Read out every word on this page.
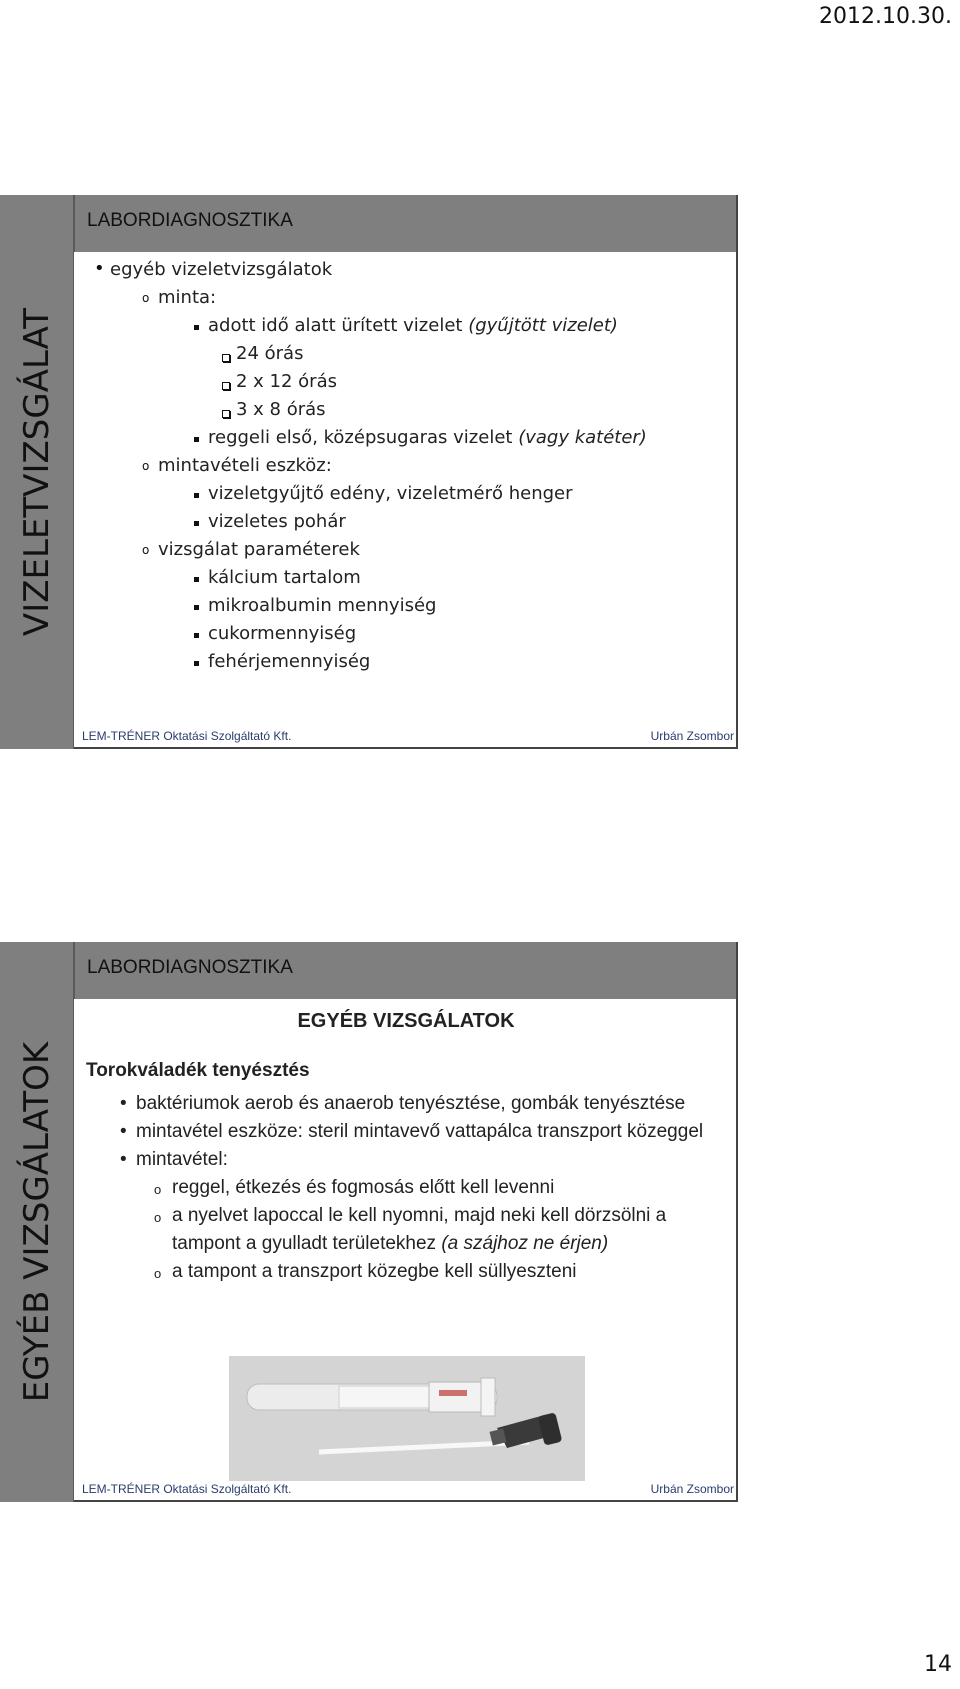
2012.10.30.
VIZELETVIZSGÁLAT
LABORDIAGNOSZTIKA
• egyéb vizeletvizsgálatok
o minta:
adott idő alatt ürített vizelet (gyűjtött vizelet)
24 órás
2 x 12 órás
3 x 8 órás
reggeli első, középsugaras vizelet (vagy katéter)
o mintavételi eszköz:
vizeletgyűjtő edény, vizeletmérő henger
vizeletes pohár
o vizsgálat paraméterek
kálcium tartalom
mikroalbumin mennyiség
cukormennyiség
fehérjemennyiség
LEM-TRÉNER Oktatási Szolgáltató Kft.	Urbán Zsombor
EGYÉB VIZSGÁLATOK
LABORDIAGNOSZTIKA
EGYÉB VIZSGÁLATOK
Torokváladék tenyésztés
• baktériumok aerob és anaerob tenyésztése, gombák tenyésztése
• mintavétel eszköze: steril mintavevő vattapálca transzport közeggel
• mintavétel:
o reggel, étkezés és fogmosás előtt kell levenni
o a nyelvet lapoccal le kell nyomni, majd neki kell dörzsölni a tampont a gyulladt területekhez (a szájhoz ne érjen)
o a tampont a transzport közegbe kell süllyeszteni
LEM-TRÉNER Oktatási Szolgáltató Kft.	Urbán Zsombor
14
